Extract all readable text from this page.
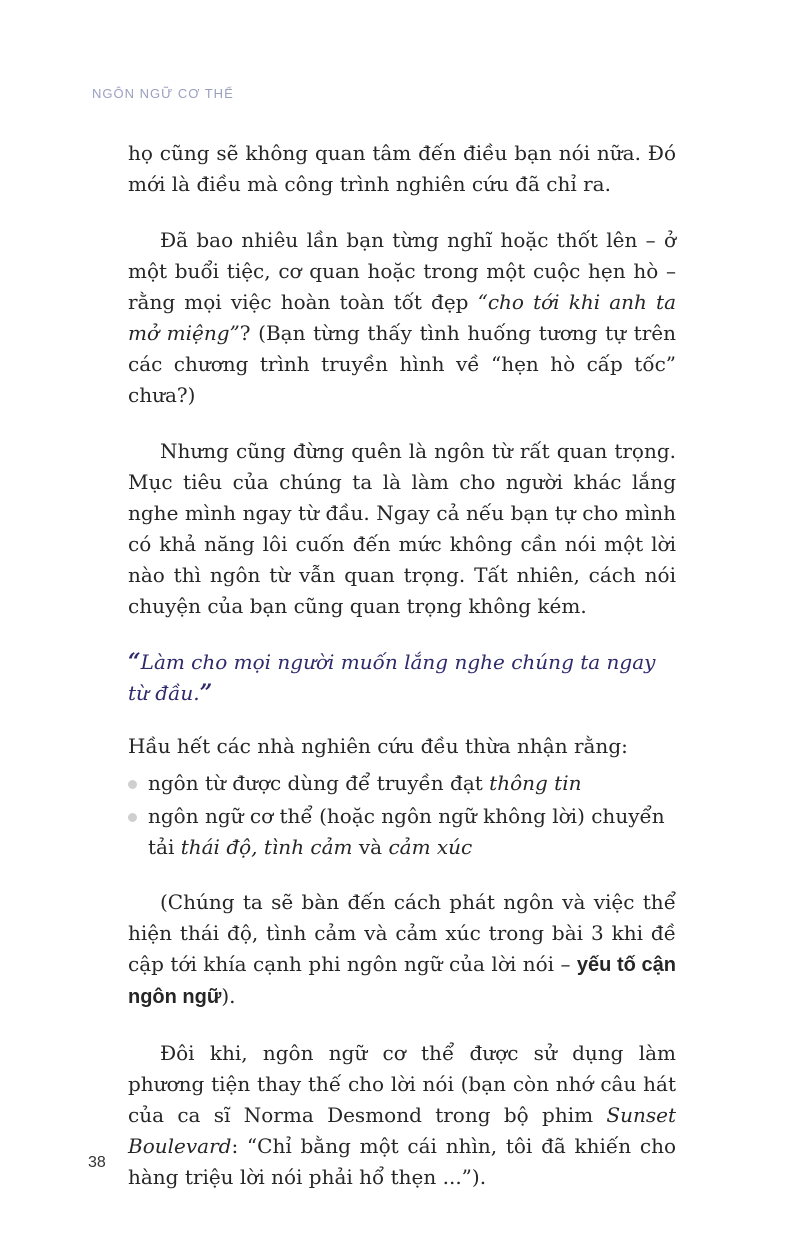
NGÔN NGỮ CƠ THỂ

họ cũng sẽ không quan tâm đến điều bạn nói nữa. Đó mới là điều mà công trình nghiên cứu đã chỉ ra.

Đã bao nhiêu lần bạn từng nghĩ hoặc thốt lên – ở một buổi tiệc, cơ quan hoặc trong một cuộc hẹn hò – rằng mọi việc hoàn toàn tốt đẹp “cho tới khi anh ta mở miệng”? (Bạn từng thấy tình huống tương tự trên các chương trình truyền hình về “hẹn hò cấp tốc” chưa?)

Nhưng cũng đừng quên là ngôn từ rất quan trọng. Mục tiêu của chúng ta là làm cho người khác lắng nghe mình ngay từ đầu. Ngay cả nếu bạn tự cho mình có khả năng lôi cuốn đến mức không cần nói một lời nào thì ngôn từ vẫn quan trọng. Tất nhiên, cách nói chuyện của bạn cũng quan trọng không kém.

“Làm cho mọi người muốn lắng nghe chúng ta ngay từ đầu.”

Hầu hết các nhà nghiên cứu đều thừa nhận rằng:

ngôn từ được dùng để truyền đạt thông tin
ngôn ngữ cơ thể (hoặc ngôn ngữ không lời) chuyển tải thái độ, tình cảm và cảm xúc

(Chúng ta sẽ bàn đến cách phát ngôn và việc thể hiện thái độ, tình cảm và cảm xúc trong bài 3 khi đề cập tới khía cạnh phi ngôn ngữ của lời nói – yếu tố cận ngôn ngữ).

Đôi khi, ngôn ngữ cơ thể được sử dụng làm phương tiện thay thế cho lời nói (bạn còn nhớ câu hát của ca sĩ Norma Desmond trong bộ phim Sunset Boulevard: “Chỉ bằng một cái nhìn, tôi đã khiến cho hàng triệu lời nói phải hổ thẹn ...”).

38
